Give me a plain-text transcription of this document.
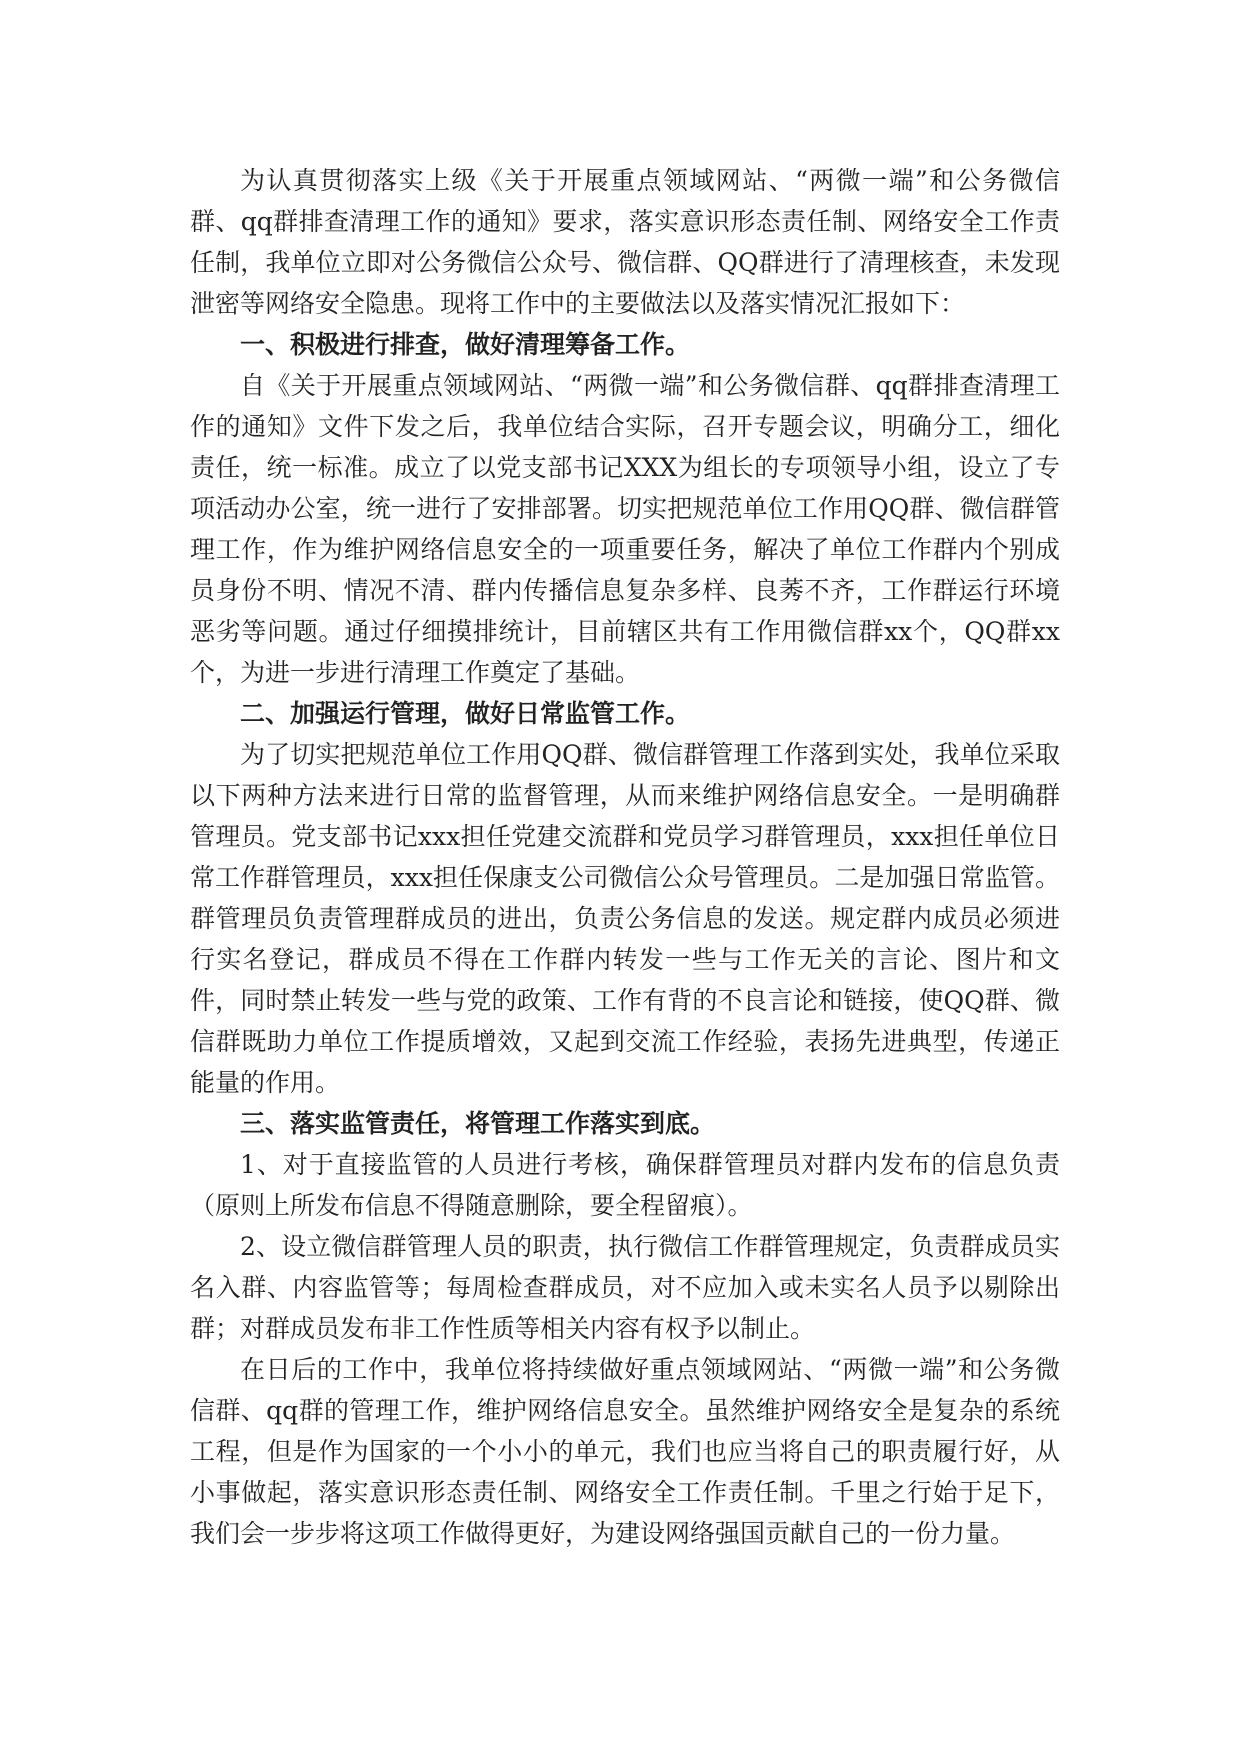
为认真贯彻落实上级《关于开展重点领域网站、“两微一端”和公务微信群、qq群排查清理工作的通知》要求，落实意识形态责任制、网络安全工作责任制，我单位立即对公务微信公众号、微信群、QQ群进行了清理核查，未发现泄密等网络安全隐患。现将工作中的主要做法以及落实情况汇报如下：

一、积极进行排查，做好清理筹备工作。

自《关于开展重点领域网站、“两微一端”和公务微信群、qq群排查清理工作的通知》文件下发之后，我单位结合实际，召开专题会议，明确分工，细化责任，统一标准。成立了以党支部书记XXX为组长的专项领导小组，设立了专项活动办公室，统一进行了安排部署。切实把规范单位工作用QQ群、微信群管理工作，作为维护网络信息安全的一项重要任务，解决了单位工作群内个别成员身份不明、情况不清、群内传播信息复杂多样、良莠不齐，工作群运行环境恶劣等问题。通过仔细摸排统计，目前辖区共有工作用微信群xx个，QQ群xx个，为进一步进行清理工作奠定了基础。

二、加强运行管理，做好日常监管工作。

为了切实把规范单位工作用QQ群、微信群管理工作落到实处，我单位采取以下两种方法来进行日常的监督管理，从而来维护网络信息安全。一是明确群管理员。党支部书记xxx担任党建交流群和党员学习群管理员，xxx担任单位日常工作群管理员，xxx担任保康支公司微信公众号管理员。二是加强日常监管。群管理员负责管理群成员的进出，负责公务信息的发送。规定群内成员必须进行实名登记，群成员不得在工作群内转发一些与工作无关的言论、图片和文件，同时禁止转发一些与党的政策、工作有背的不良言论和链接，使QQ群、微信群既助力单位工作提质增效，又起到交流工作经验，表扬先进典型，传递正能量的作用。

三、落实监管责任，将管理工作落实到底。

1、对于直接监管的人员进行考核，确保群管理员对群内发布的信息负责（原则上所发布信息不得随意删除，要全程留痕）。

2、设立微信群管理人员的职责，执行微信工作群管理规定，负责群成员实名入群、内容监管等；每周检查群成员，对不应加入或未实名人员予以剔除出群；对群成员发布非工作性质等相关内容有权予以制止。

在日后的工作中，我单位将持续做好重点领域网站、“两微一端”和公务微信群、qq群的管理工作，维护网络信息安全。虽然维护网络安全是复杂的系统工程，但是作为国家的一个小小的单元，我们也应当将自己的职责履行好，从小事做起，落实意识形态责任制、网络安全工作责任制。千里之行始于足下，我们会一步步将这项工作做得更好，为建设网络强国贡献自己的一份力量。
